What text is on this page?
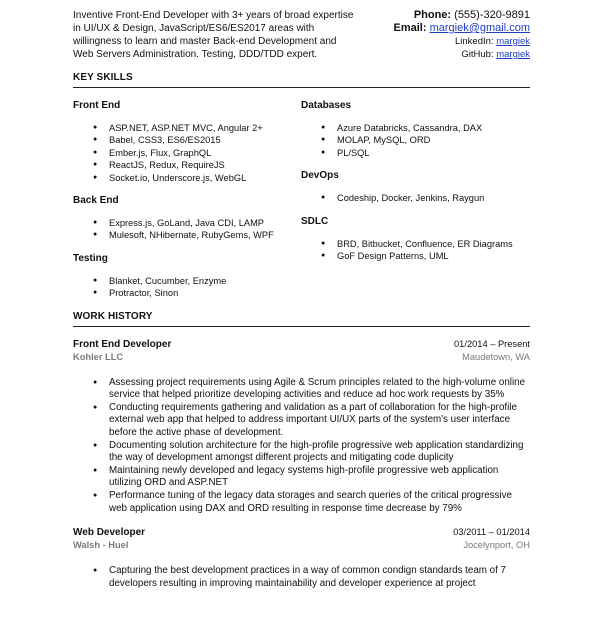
Inventive Front-End Developer with 3+ years of broad expertise in UI/UX & Design, JavaScript/ES6/ES2017 areas with willingness to learn and master Back-end Development and Web Servers Administration. Testing, DDD/TDD expert.

Phone: (555)-320-9891
Email: margiek@gmail.com
LinkedIn: margiek
GitHub: margiek
KEY SKILLS
Front End
● ASP.NET, ASP.NET MVC, Angular 2+
● Babel, CSS3, ES6/ES2015
● Ember.js, Flux, GraphQL
● ReactJS, Redux, RequireJS
● Socket.io, Underscore.js, WebGL
Back End
● Express.js, GoLand, Java CDI, LAMP
● Mulesoft, NHibernate, RubyGems, WPF
Testing
● Blanket, Cucumber, Enzyme
● Protractor, Sinon
Databases
● Azure Databricks, Cassandra, DAX
● MOLAP, MySQL, ORD
● PL/SQL
DevOps
● Codeship, Docker, Jenkins, Raygun
SDLC
● BRD, Bitbucket, Confluence, ER Diagrams
● GoF Design Patterns, UML
WORK HISTORY
Front End Developer	01/2014 – Present
Kohler LLC	Maudetown, WA
● Assessing project requirements using Agile & Scrum principles related to the high-volume online service that helped prioritize developing activities and reduce ad hoc work requests by 35%
● Conducting requirements gathering and validation as a part of collaboration for the high-profile external web app that helped to address important UI/UX parts of the system's user interface before the active phase of development.
● Documenting solution architecture for the high-profile progressive web application standardizing the way of development amongst different projects and mitigating code duplicity
● Maintaining newly developed and legacy systems high-profile progressive web application utilizing ORD and ASP.NET
● Performance tuning of the legacy data storages and search queries of the critical progressive web application using DAX and ORD resulting in response time decrease by 79%
Web Developer	03/2011 – 01/2014
Walsh - Huel	Jocelynport, OH
● Capturing the best development practices in a way of common condign standards team of 7 developers resulting in improving maintainability and developer experience at project
